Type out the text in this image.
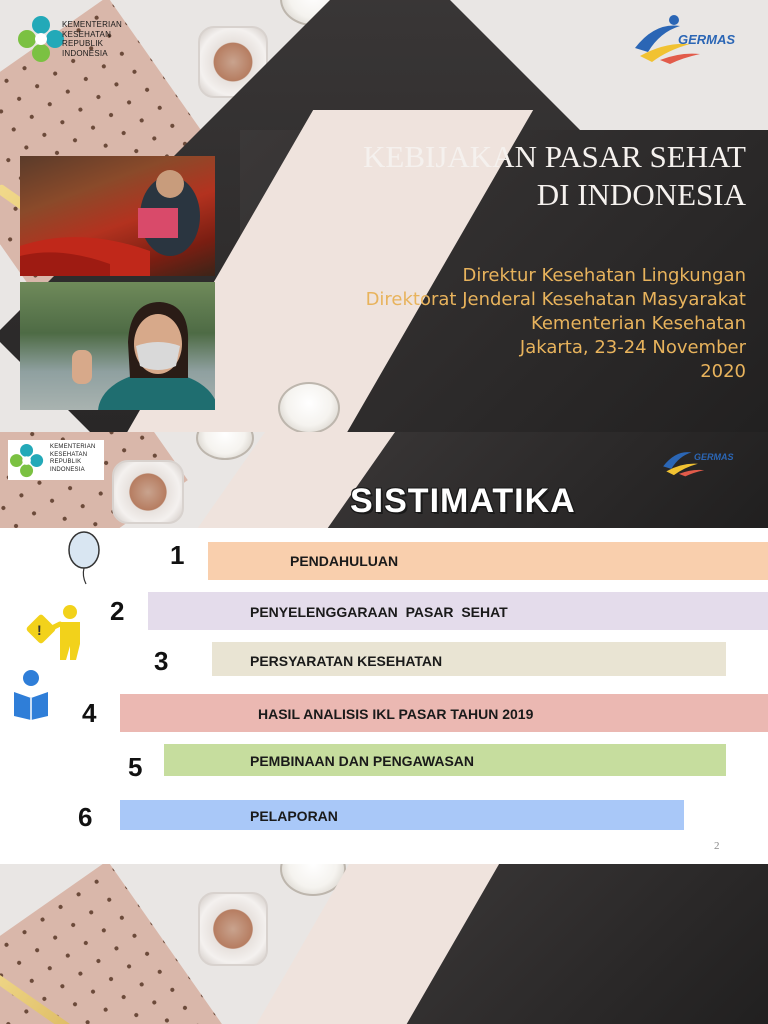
KEMENTERIAN
KESEHATAN
REPUBLIK
INDONESIA
GERMAS
KEBIJAKAN PASAR SEHAT
DI INDONESIA
Direktur Kesehatan Lingkungan
Direktorat Jenderal Kesehatan Masyarakat
Kementerian Kesehatan
Jakarta, 23-24 November
2020
KEMENTERIAN
KESEHATAN
REPUBLIK
INDONESIA
GERMAS
SISTIMATIKA
!
1	PENDAHULUAN
2	PENYELENGGARAAN  PASAR  SEHAT
3	PERSYARATAN KESEHATAN
4	HASIL ANALISIS IKL PASAR TAHUN 2019
5	PEMBINAAN DAN PENGAWASAN
6	PELAPORAN
2
